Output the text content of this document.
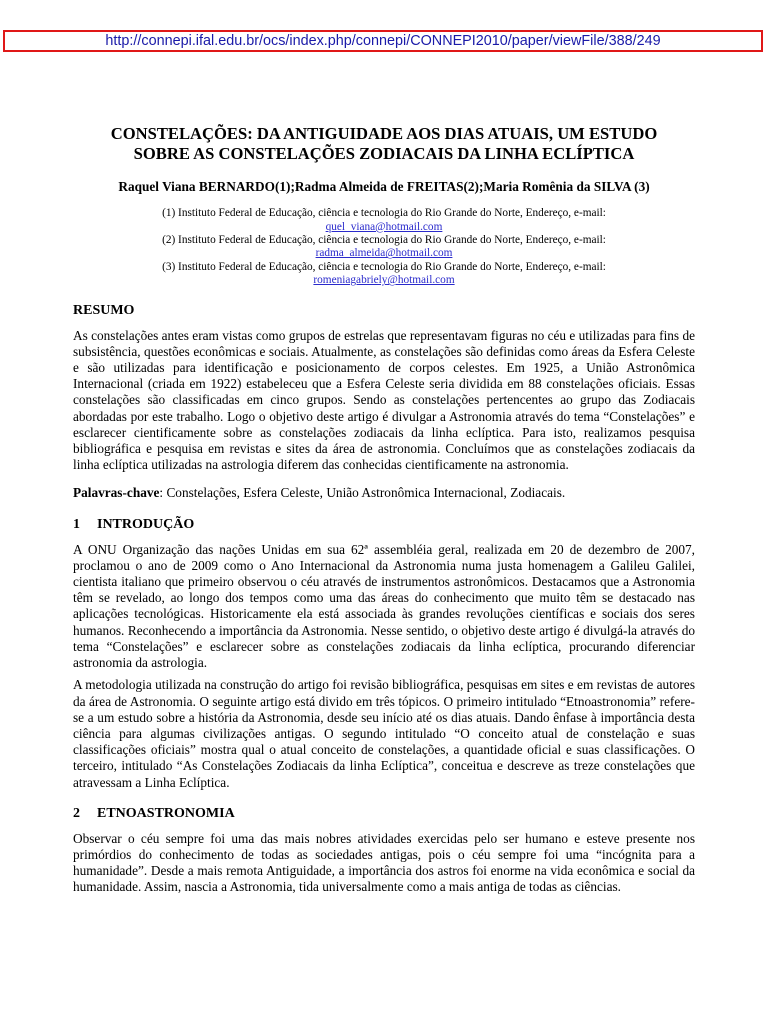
http://connepi.ifal.edu.br/ocs/index.php/connepi/CONNEPI2010/paper/viewFile/388/249
CONSTELAÇÕES: DA ANTIGUIDADE AOS DIAS ATUAIS, UM ESTUDO
SOBRE AS CONSTELAÇÕES ZODIACAIS DA LINHA ECLÍPTICA

Raquel Viana BERNARDO(1);Radma Almeida de FREITAS(2);Maria Romênia da SILVA (3)

(1) Instituto Federal de Educação, ciência e tecnologia do Rio Grande do Norte, Endereço, e-mail:
quel_viana@hotmail.com
(2) Instituto Federal de Educação, ciência e tecnologia do Rio Grande do Norte, Endereço, e-mail:
radma_almeida@hotmail.com
(3) Instituto Federal de Educação, ciência e tecnologia do Rio Grande do Norte, Endereço, e-mail:
romeniagabriely@hotmail.com
RESUMO

As constelações antes eram vistas como grupos de estrelas que representavam figuras no céu e utilizadas para fins de subsistência, questões econômicas e sociais. Atualmente, as constelações são definidas como áreas da Esfera Celeste e são utilizadas para identificação e posicionamento de corpos celestes. Em 1925, a União Astronômica Internacional (criada em 1922) estabeleceu que a Esfera Celeste seria dividida em 88 constelações oficiais. Essas constelações são classificadas em cinco grupos. Sendo as constelações pertencentes ao grupo das Zodiacais abordadas por este trabalho. Logo o objetivo deste artigo é divulgar a Astronomia através do tema “Constelações” e esclarecer cientificamente sobre as constelações zodiacais da linha eclíptica. Para isto, realizamos pesquisa bibliográfica e pesquisa em revistas e sites da área de astronomia. Concluímos que as constelações zodiacais da linha eclíptica utilizadas na astrologia diferem das conhecidas cientificamente na astronomia.

Palavras-chave: Constelações, Esfera Celeste, União Astronômica Internacional, Zodiacais.

1 INTRODUÇÃO

A ONU Organização das nações Unidas em sua 62ª assembléia geral, realizada em 20 de dezembro de 2007, proclamou o ano de 2009 como o Ano Internacional da Astronomia numa justa homenagem a Galileu Galilei, cientista italiano que primeiro observou o céu através de instrumentos astronômicos. Destacamos que a Astronomia têm se revelado, ao longo dos tempos como uma das áreas do conhecimento que muito têm se destacado nas aplicações tecnológicas. Historicamente ela está associada às grandes revoluções científicas e sociais dos seres humanos. Reconhecendo a importância da Astronomia. Nesse sentido, o objetivo deste artigo é divulgá-la através do tema “Constelações” e esclarecer sobre as constelações zodiacais da linha eclíptica, procurando diferenciar astronomia da astrologia.

A metodologia utilizada na construção do artigo foi revisão bibliográfica, pesquisas em sites e em revistas de autores da área de Astronomia. O seguinte artigo está divido em três tópicos. O primeiro intitulado “Etnoastronomia” refere-se a um estudo sobre a história da Astronomia, desde seu início até os dias atuais. Dando ênfase à importância desta ciência para algumas civilizações antigas. O segundo intitulado “O conceito atual de constelação e suas classificações oficiais” mostra qual o atual conceito de constelações, a quantidade oficial e suas classificações. O terceiro, intitulado “As Constelações Zodiacais da linha Eclíptica”, conceitua e descreve as treze constelações que atravessam a Linha Eclíptica.

2 ETNOASTRONOMIA

Observar o céu sempre foi uma das mais nobres atividades exercidas pelo ser humano e esteve presente nos primórdios do conhecimento de todas as sociedades antigas, pois o céu sempre foi uma “incógnita para a humanidade”. Desde a mais remota Antiguidade, a importância dos astros foi enorme na vida econômica e social da humanidade. Assim, nascia a Astronomia, tida universalmente como a mais antiga de todas as ciências.
